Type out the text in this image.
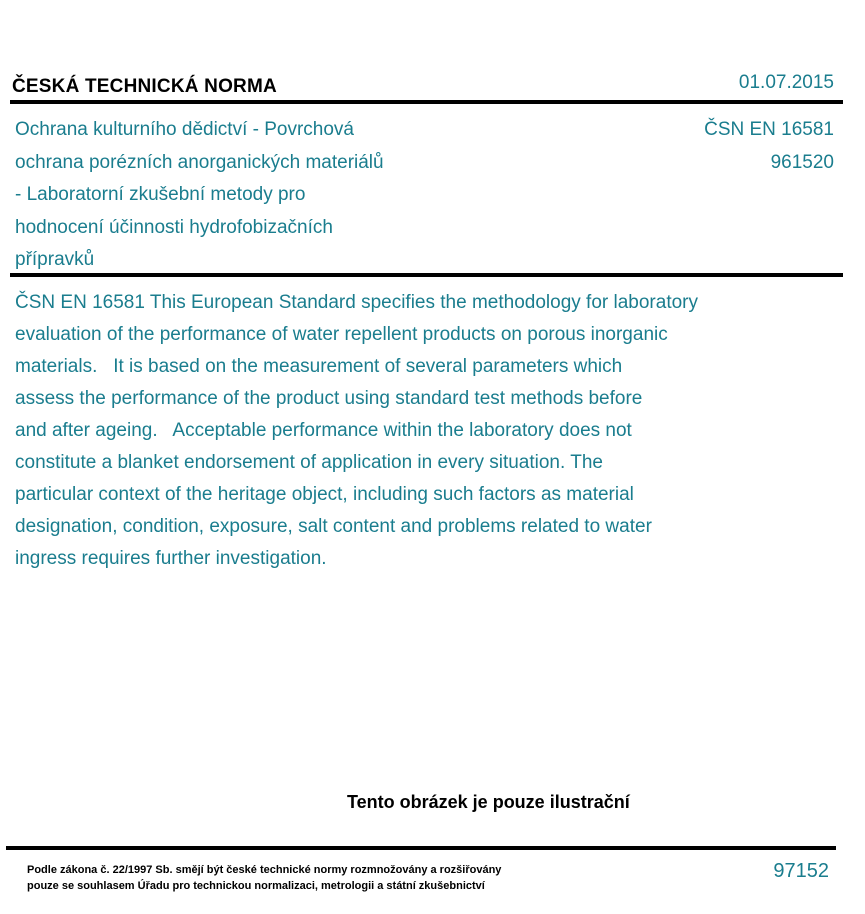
ČESKÁ TECHNICKÁ NORMA	01.07.2015
Ochrana kulturního dědictví - Povrchová
ochrana porézních anorganických materiálů
- Laboratorní zkušební metody pro
hodnocení účinnosti hydrofobizačních
přípravků
ČSN EN 16581
961520
ČSN EN 16581 This European Standard specifies the methodology for laboratory
evaluation of the performance of water repellent products on porous inorganic
materials.   It is based on the measurement of several parameters which
assess the performance of the product using standard test methods before
and after ageing.   Acceptable performance within the laboratory does not
constitute a blanket endorsement of application in every situation. The
particular context of the heritage object, including such factors as material
designation, condition, exposure, salt content and problems related to water
ingress requires further investigation.
Tento obrázek je pouze ilustrační
Podle zákona č. 22/1997 Sb. smějí být české technické normy rozmnožovány a rozšiřovány
pouze se souhlasem Úřadu pro technickou normalizaci, metrologii a státní zkušebnictví
97152
